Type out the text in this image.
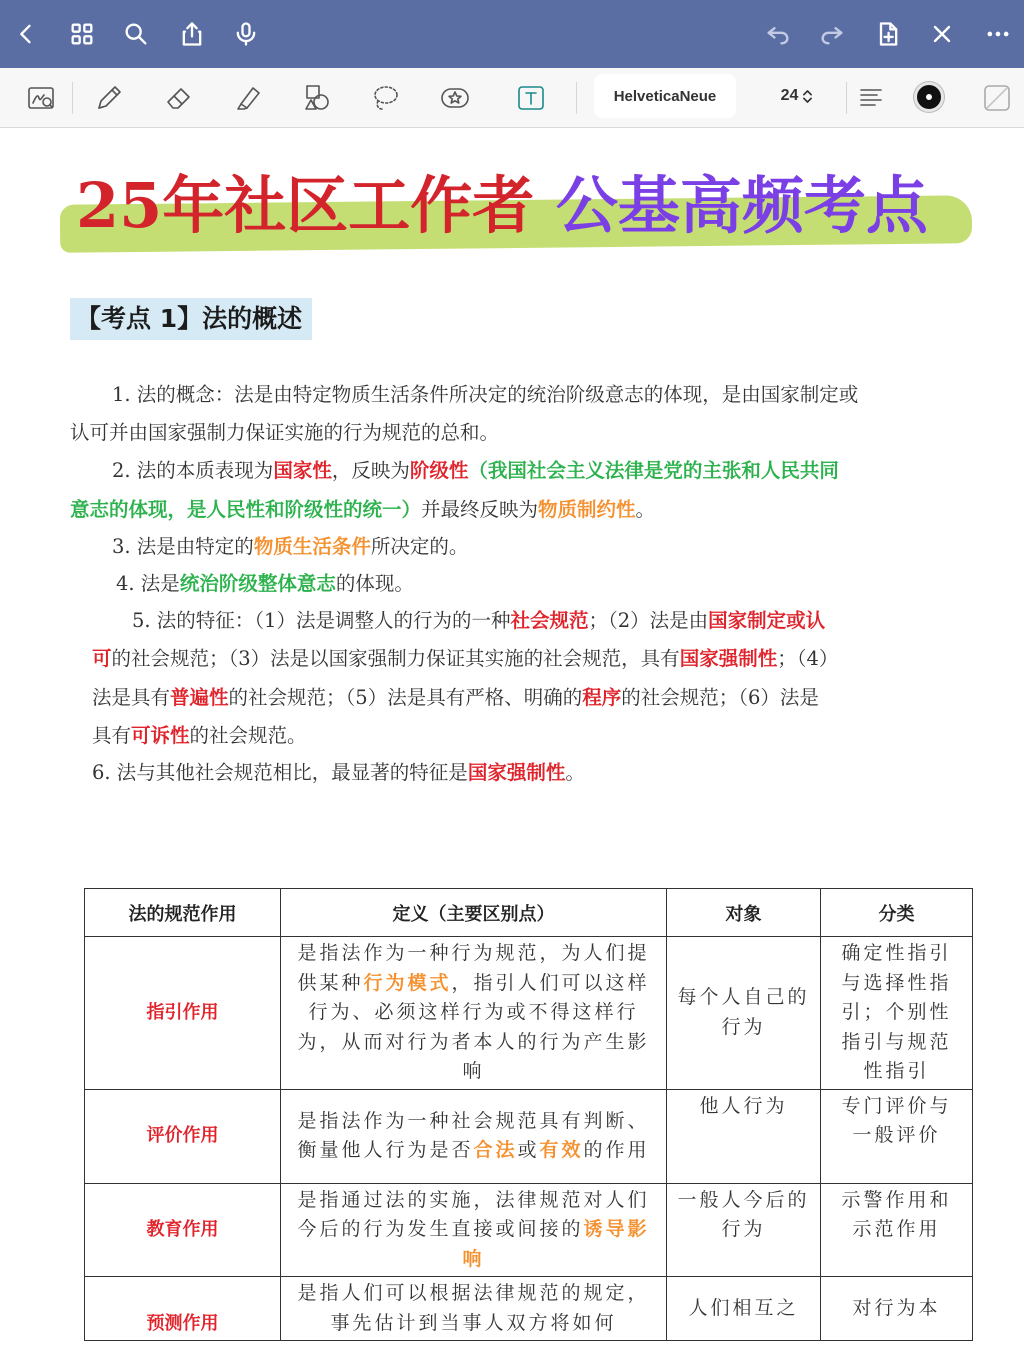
HelveticaNeue	24
25年社区工作者 公基高频考点
【考点 1】法的概述
1. 法的概念：法是由特定物质生活条件所决定的统治阶级意志的体现，是由国家制定或
认可并由国家强制力保证实施的行为规范的总和。
2. 法的本质表现为国家性，反映为阶级性（我国社会主义法律是党的主张和人民共同
意志的体现，是人民性和阶级性的统一）并最终反映为物质制约性。
3. 法是由特定的物质生活条件所决定的。
4. 法是统治阶级整体意志的体现。
5. 法的特征：（1）法是调整人的行为的一种社会规范；（2）法是由国家制定或认
可的社会规范；（3）法是以国家强制力保证其实施的社会规范，具有国家强制性；（4）
法是具有普遍性的社会规范；（5）法是具有严格、明确的程序的社会规范；（6）法是
具有可诉性的社会规范。
6. 法与其他社会规范相比，最显著的特征是国家强制性。
法的规范作用	定义（主要区别点）	对象	分类
指引作用	是指法作为一种行为规范，为人们提供某种行为模式，指引人们可以这样行为、必须这样行为或不得这样行为，从而对行为者本人的行为产生影响	每个人自己的行为	确定性指引与选择性指引；个别性指引与规范性指引
评价作用	是指法作为一种社会规范具有判断、衡量他人行为是否合法或有效的作用	他人行为	专门评价与一般评价
教育作用	是指通过法的实施，法律规范对人们今后的行为发生直接或间接的诱导影响	一般人今后的行为	示警作用和示范作用
预测作用	是指人们可以根据法律规范的规定，事先估计到当事人双方将如何	人们相互之	对行为本
